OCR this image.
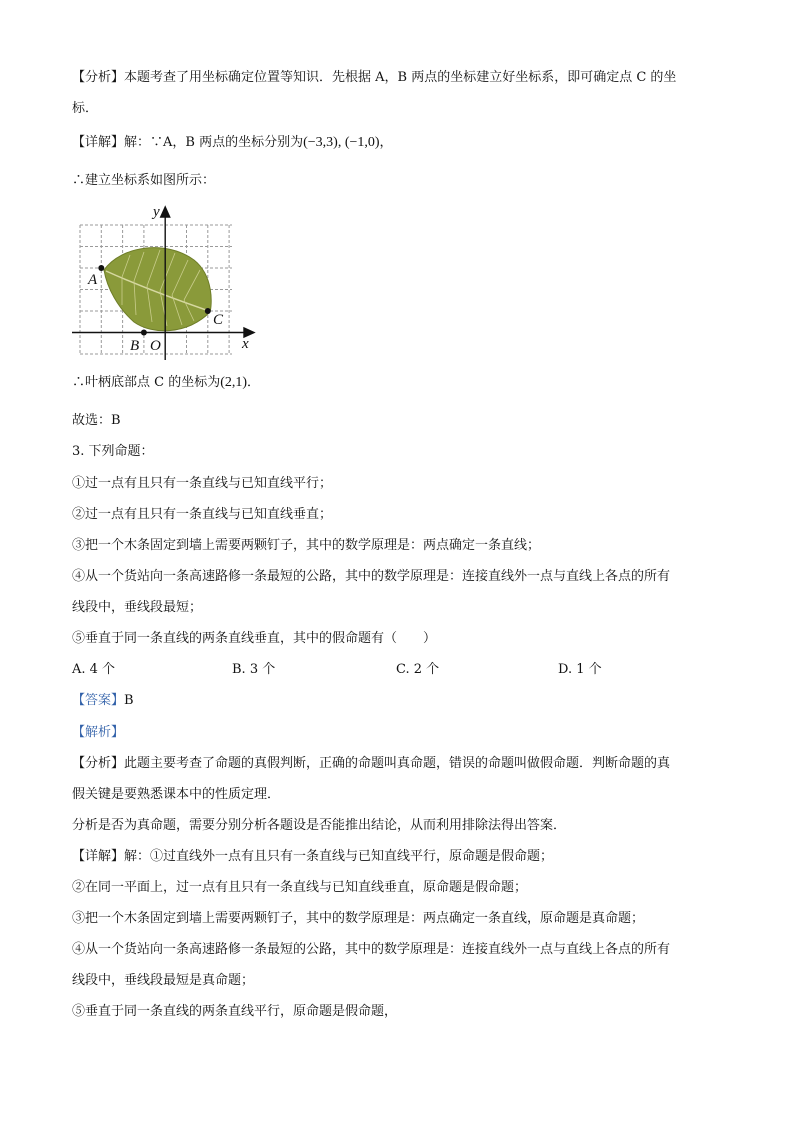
【分析】本题考查了用坐标确定位置等知识．先根据 A，B 两点的坐标建立好坐标系，即可确定点 C 的坐
标．
【详解】解：∵A，B 两点的坐标分别为(−3,3), (−1,0)，
∴建立坐标系如图所示：
A
B
C
O	x
y
∴叶柄底部点 C 的坐标为(2,1)．
故选：B
3. 下列命题：
①过一点有且只有一条直线与已知直线平行；
②过一点有且只有一条直线与已知直线垂直；
③把一个木条固定到墙上需要两颗钉子，其中的数学原理是：两点确定一条直线；
④从一个货站向一条高速路修一条最短的公路，其中的数学原理是：连接直线外一点与直线上各点的所有
线段中，垂线段最短；
⑤垂直于同一条直线的两条直线垂直，其中的假命题有（　　）
A. 4 个	B. 3 个	C. 2 个	D. 1 个
【答案】B
【解析】
【分析】此题主要考查了命题的真假判断，正确的命题叫真命题，错误的命题叫做假命题．判断命题的真
假关键是要熟悉课本中的性质定理．
分析是否为真命题，需要分别分析各题设是否能推出结论，从而利用排除法得出答案．
【详解】解：①过直线外一点有且只有一条直线与已知直线平行，原命题是假命题；
②在同一平面上，过一点有且只有一条直线与已知直线垂直，原命题是假命题；
③把一个木条固定到墙上需要两颗钉子，其中的数学原理是：两点确定一条直线，原命题是真命题；
④从一个货站向一条高速路修一条最短的公路，其中的数学原理是：连接直线外一点与直线上各点的所有
线段中，垂线段最短是真命题；
⑤垂直于同一条直线的两条直线平行，原命题是假命题，
